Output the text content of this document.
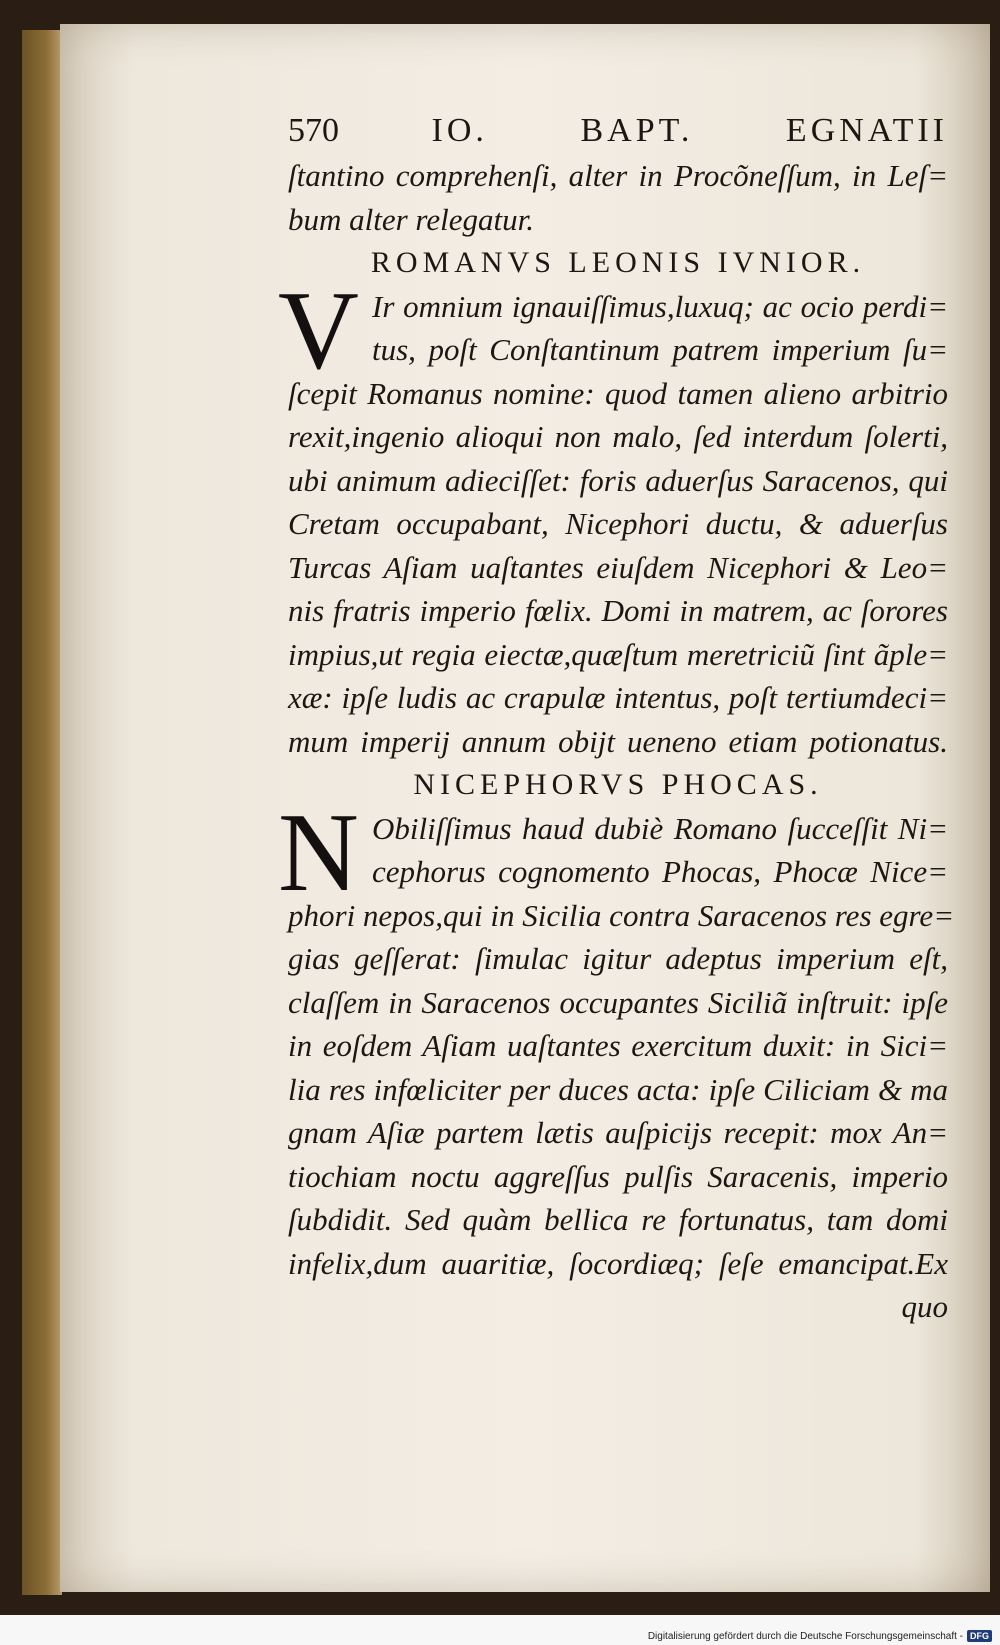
570	IO.	BAPT.	EGNATII
ſtantino comprehenſi, alter in Procõneſſum, in Leſ=
bum alter relegatur.
ROMANVS LEONIS IVNIOR.
V Ir omnium ignauiſſimus,luxuq; ac ocio perdi=
tus, poſt Conſtantinum patrem imperium ſu=
ſcepit Romanus nomine: quod tamen alieno arbitrio
rexit,ingenio alioqui non malo, ſed interdum ſolerti,
ubi animum adieciſſet: foris aduerſus Saracenos, qui
Cretam occupabant, Nicephori ductu, & aduerſus
Turcas Aſiam uaſtantes eiuſdem Nicephori & Leo=
nis fratris imperio fœlix. Domi in matrem, ac ſorores
impius,ut regia eiectæ,quæſtum meretriciũ ſint ãple=
xæ: ipſe ludis ac crapulæ intentus, poſt tertiumdeci=
mum imperij annum obijt ueneno etiam potionatus.
NICEPHORVS PHOCAS.
N Obiliſſimus haud dubiè Romano ſucceſſit Ni=
cephorus cognomento Phocas, Phocæ Nice=
phori nepos,qui in Sicilia contra Saracenos res egre=
gias geſſerat: ſimulac igitur adeptus imperium eſt,
claſſem in Saracenos occupantes Siciliã inſtruit: ipſe
in eoſdem Aſiam uaſtantes exercitum duxit: in Sici=
lia res infœliciter per duces acta: ipſe Ciliciam & ma
gnam Aſiæ partem lætis auſpicijs recepit: mox An=
tiochiam noctu aggreſſus pulſis Saracenis, imperio
ſubdidit. Sed quàm bellica re fortunatus, tam domi
infelix,dum auaritiæ, ſocordiæq; ſeſe emancipat.Ex
quo
Digitalisierung gefördert durch die Deutsche Forschungsgemeinschaft - DFG
